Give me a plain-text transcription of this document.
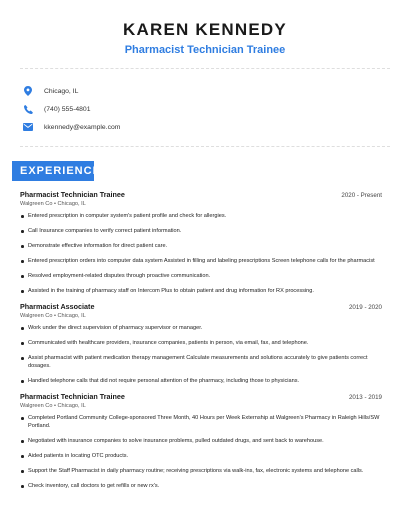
KAREN KENNEDY
Pharmacist Technician Trainee
Chicago, IL
(740) 555-4801
kkennedy@example.com
EXPERIENCE
Pharmacist Technician Trainee	2020 - Present
Walgreen Co • Chicago, IL
Entered prescription in computer system's patient profile and check for allergies.
Call Insurance companies to verify correct patient information.
Demonstrate effective information for direct patient care.
Entered prescription orders into computer data system Assisted in filling and labeling prescriptions Screen telephone calls for the pharmacist
Resolved employment-related disputes through proactive communication.
Assisted in the training of pharmacy staff on Intercom Plus to obtain patient and drug information for RX processing.
Pharmacist Associate	2019 - 2020
Walgreen Co • Chicago, IL
Work under the direct supervision of pharmacy supervisor or manager.
Communicated with healthcare providers, insurance companies, patients in person, via email, fax, and telephone.
Assist pharmacist with patient medication therapy management Calculate measurements and solutions accurately to give patients correct dosages.
Handled telephone calls that did not require personal attention of the pharmacy, including those to physicians.
Pharmacist Technician Trainee	2013 - 2019
Walgreen Co • Chicago, IL
Completed Portland Community College-sponsored Three Month, 40 Hours per Week Externship at Walgreen's Pharmacy in Raleigh Hills/SW Portland.
Negotiated with insurance companies to solve insurance problems, pulled outdated drugs, and sent back to warehouse.
Aided patients in locating OTC products.
Support the Staff Pharmacist in daily pharmacy routine; receiving prescriptions via walk-ins, fax, electronic systems and telephone calls.
Check inventory, call doctors to get refills or new rx's.
